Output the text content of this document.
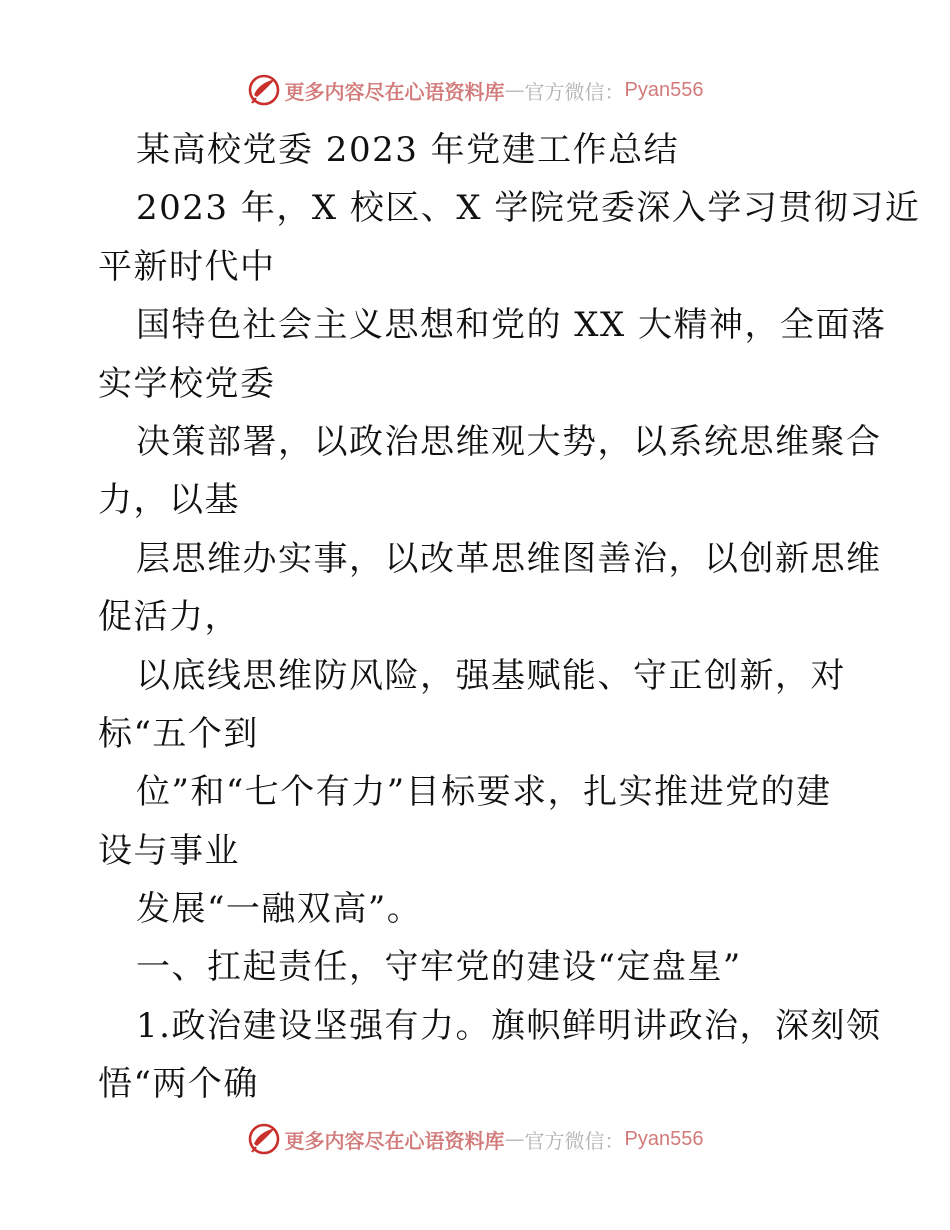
更多内容尽在心语资料库 — 官方微信： Pyan556
某高校党委 2023 年党建工作总结
2023 年，X 校区、X 学院党委深入学习贯彻习近
平新时代中
国特色社会主义思想和党的 XX 大精神，全面落
实学校党委
决策部署，以政治思维观大势，以系统思维聚合
力，以基
层思维办实事，以改革思维图善治，以创新思维
促活力，
以底线思维防风险，强基赋能、守正创新，对
标“五个到
位”和“七个有力”目标要求，扎实推进党的建
设与事业
发展“一融双高”。
一、扛起责任，守牢党的建设“定盘星”
1.政治建设坚强有力。旗帜鲜明讲政治，深刻领
悟“两个确
更多内容尽在心语资料库 — 官方微信： Pyan556
